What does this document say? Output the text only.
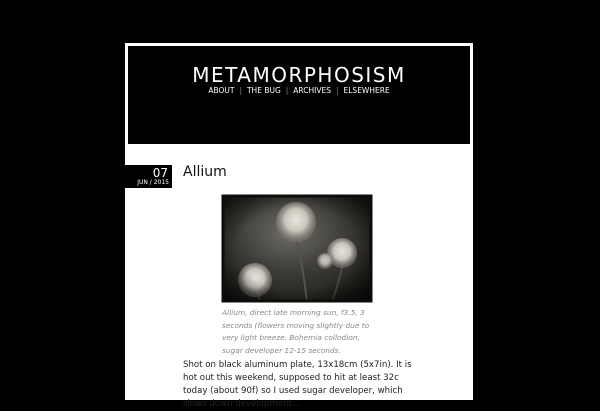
METAMORPHOSISM
ABOUT | THE BUG | ARCHIVES | ELSEWHERE
07
JUN / 2015
Allium
Allium, direct late morning sun, f3.5, 3 seconds (flowers moving slightly due to very light breeze. Bohemia collodion, sugar developer 12-15 seconds.
Shot on black aluminum plate, 13x18cm (5x7in). It is hot out this weekend, supposed to hit at least 32c today (about 90f) so I used sugar developer, which slows down development...
